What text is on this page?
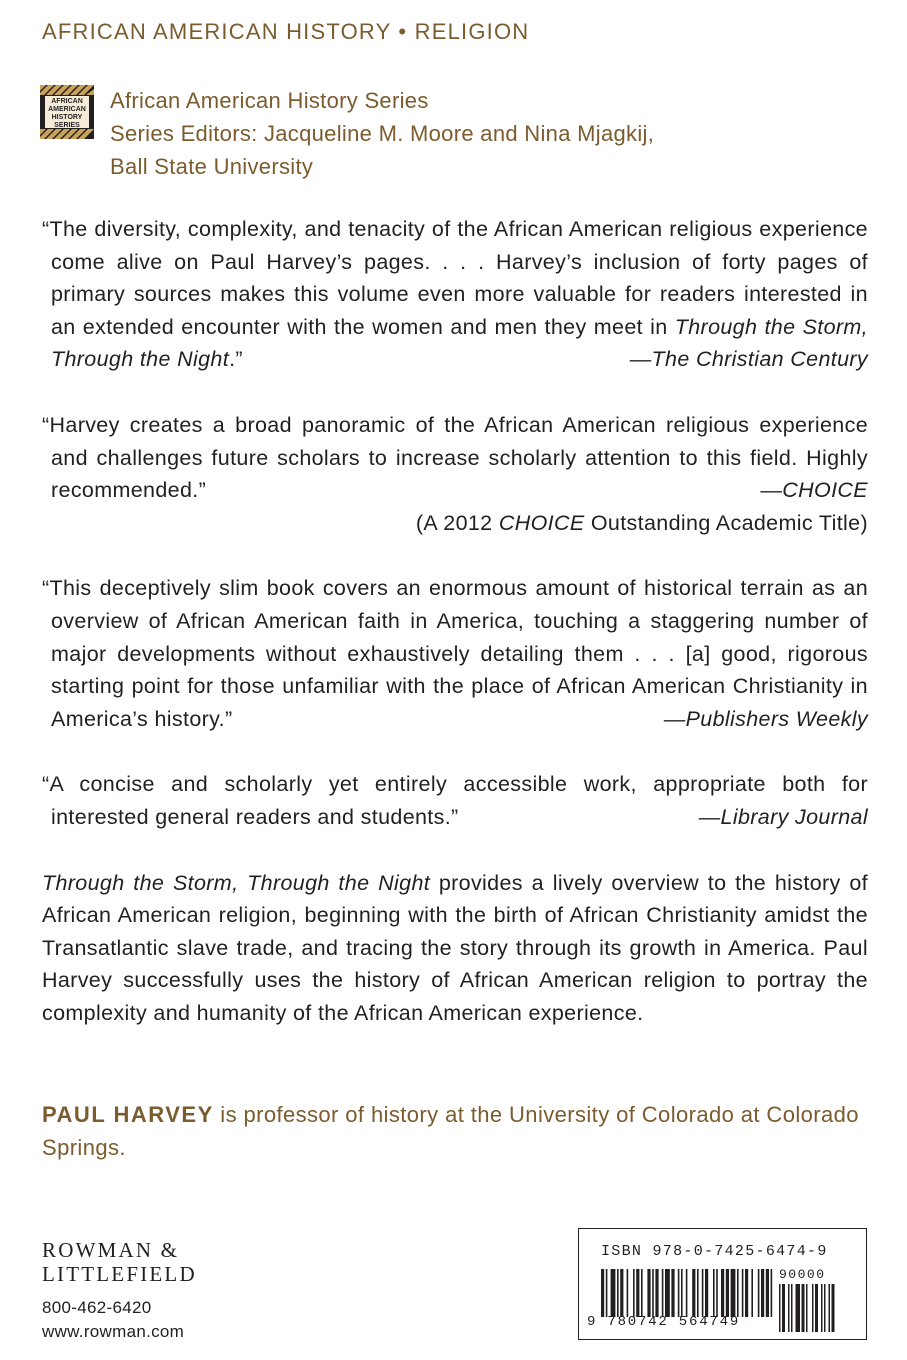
AFRICAN AMERICAN HISTORY • RELIGION
AFRICAN
AMERICAN
HISTORY
SERIES
African American History Series
Series Editors: Jacqueline M. Moore and Nina Mjagkij,
Ball State University
“The diversity, complexity, and tenacity of the African American religious experience come alive on Paul Harvey’s pages. . . . Harvey’s inclusion of forty pages of primary sources makes this volume even more valuable for readers interested in an extended encounter with the women and men they meet in Through the Storm, Through the Night.”	—The Christian Century
“Harvey creates a broad panoramic of the African American religious experience and challenges future scholars to increase scholarly attention to this field. Highly recommended.”	—CHOICE
(A 2012 CHOICE Outstanding Academic Title)
“This deceptively slim book covers an enormous amount of historical terrain as an overview of African American faith in America, touching a staggering number of major developments without exhaustively detailing them . . . [a] good, rigorous starting point for those unfamiliar with the place of African American Christianity in America’s history.”	—Publishers Weekly
“A concise and scholarly yet entirely accessible work, appropriate both for interested general readers and students.”	—Library Journal

Through the Storm, Through the Night provides a lively overview to the history of African American religion, beginning with the birth of African Christianity amidst the Transatlantic slave trade, and tracing the story through its growth in America. Paul Harvey successfully uses the history of African American religion to portray the complexity and humanity of the African American experience.

PAUL HARVEY is professor of history at the University of Colorado at Colorado Springs.
ROWMAN &
LITTLEFIELD
800-462-6420
www.rowman.com
ISBN 978-0-7425-6474-9
90000
9 780742 564749
